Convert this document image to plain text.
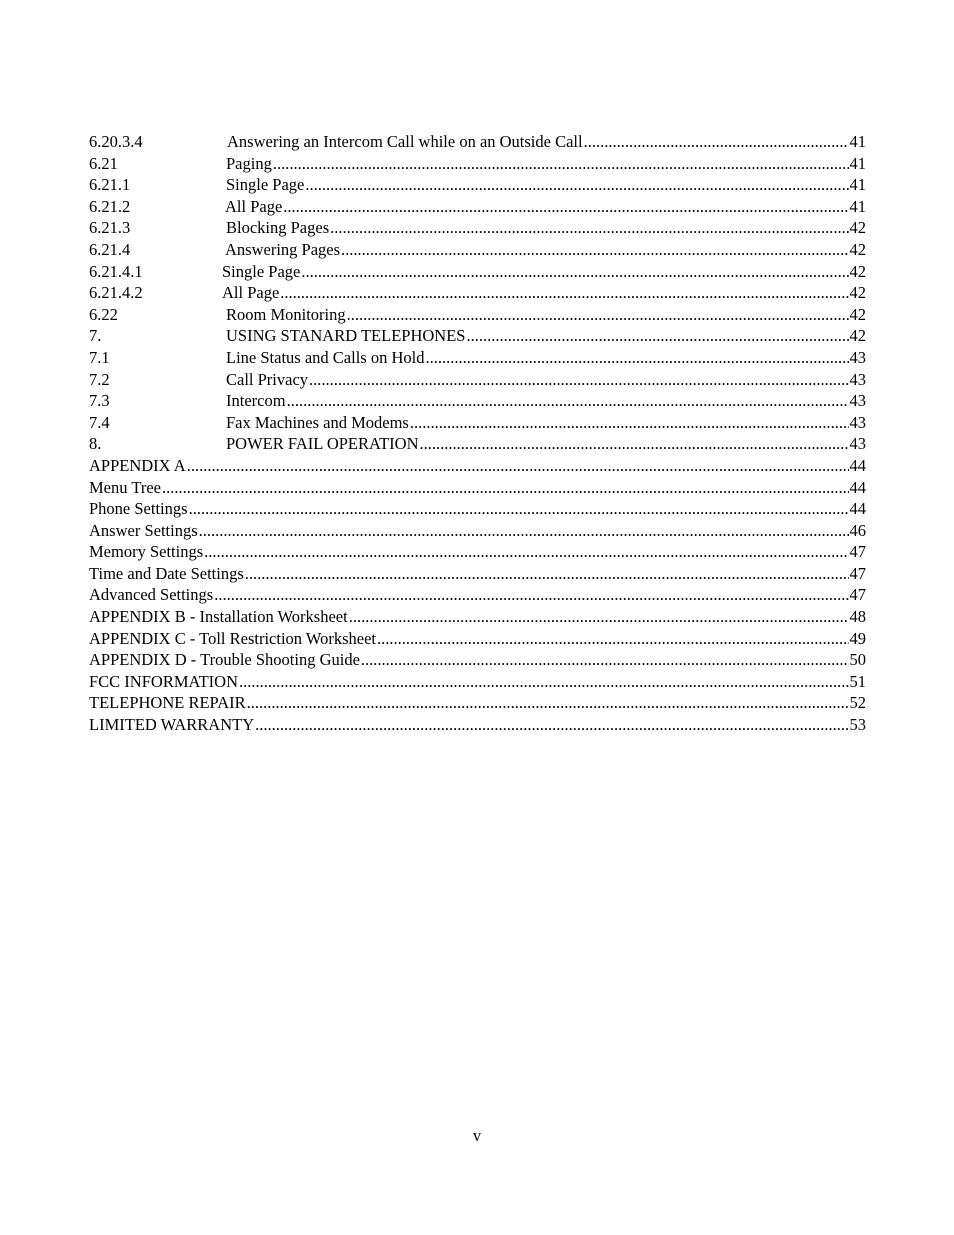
6.20.3.4	Answering an Intercom Call while on an Outside Call .....	41
6.21	Paging .....	41
6.21.1	Single Page .....	41
6.21.2	All Page .....	41
6.21.3	Blocking Pages .....	42
6.21.4	Answering Pages .....	42
6.21.4.1	Single Page .....	42
6.21.4.2	All Page .....	42
6.22	Room Monitoring .....	42
7.	USING STANARD TELEPHONES .....	42
7.1	Line Status and Calls on Hold .....	43
7.2	Call Privacy .....	43
7.3	Intercom .....	43
7.4	Fax Machines and Modems .....	43
8.	POWER FAIL OPERATION .....	43
APPENDIX A .....	44
Menu Tree .....	44
Phone Settings .....	44
Answer Settings .....	46
Memory Settings .....	47
Time and Date Settings .....	47
Advanced Settings .....	47
APPENDIX B - Installation Worksheet .....	48
APPENDIX C - Toll Restriction Worksheet .....	49
APPENDIX D - Trouble Shooting Guide .....	50
FCC INFORMATION .....	51
TELEPHONE REPAIR .....	52
LIMITED WARRANTY .....	53
v
